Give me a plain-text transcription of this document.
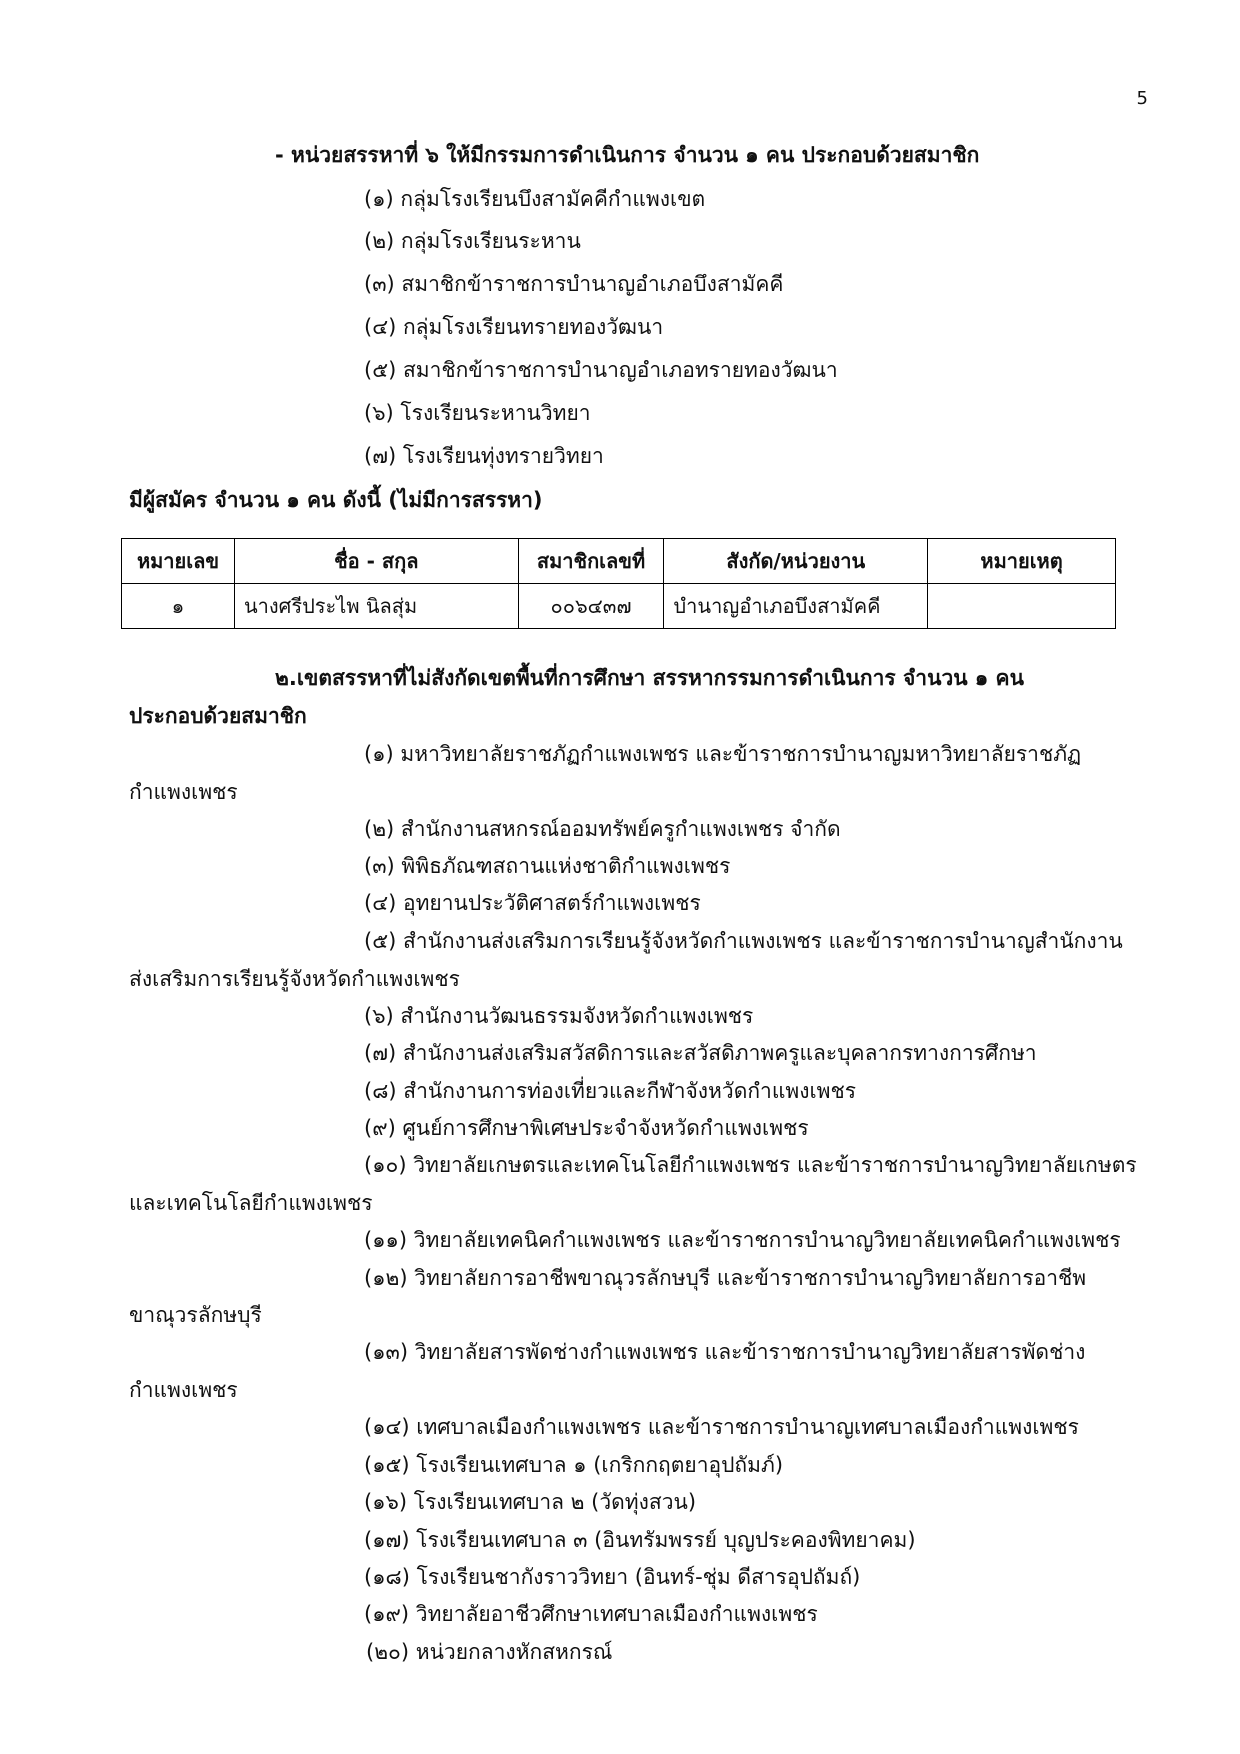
5
- หน่วยสรรหาที่ ๖ ให้มีกรรมการดำเนินการ จำนวน ๑ คน ประกอบด้วยสมาชิก
(๑) กลุ่มโรงเรียนบึงสามัคคีกำแพงเขต
(๒) กลุ่มโรงเรียนระหาน
(๓) สมาชิกข้าราชการบำนาญอำเภอบึงสามัคคี
(๔) กลุ่มโรงเรียนทรายทองวัฒนา
(๕) สมาชิกข้าราชการบำนาญอำเภอทรายทองวัฒนา
(๖) โรงเรียนระหานวิทยา
(๗) โรงเรียนทุ่งทรายวิทยา
มีผู้สมัคร จำนวน ๑ คน ดังนี้ (ไม่มีการสรรหา)
หมายเลข	ชื่อ - สกุล	สมาชิกเลขที่	สังกัด/หน่วยงาน	หมายเหตุ
๑	นางศรีประไพ นิลสุ่ม	๐๐๖๔๓๗	บำนาญอำเภอบึงสามัคคี	
๒.เขตสรรหาที่ไม่สังกัดเขตพื้นที่การศึกษา สรรหากรรมการดำเนินการ จำนวน ๑ คน
ประกอบด้วยสมาชิก
(๑) มหาวิทยาลัยราชภัฏกำแพงเพชร และข้าราชการบำนาญมหาวิทยาลัยราชภัฏ
กำแพงเพชร
(๒) สำนักงานสหกรณ์ออมทรัพย์ครูกำแพงเพชร จำกัด
(๓) พิพิธภัณฑสถานแห่งชาติกำแพงเพชร
(๔) อุทยานประวัติศาสตร์กำแพงเพชร
(๕) สำนักงานส่งเสริมการเรียนรู้จังหวัดกำแพงเพชร และข้าราชการบำนาญสำนักงาน
ส่งเสริมการเรียนรู้จังหวัดกำแพงเพชร
(๖) สำนักงานวัฒนธรรมจังหวัดกำแพงเพชร
(๗) สำนักงานส่งเสริมสวัสดิการและสวัสดิภาพครูและบุคลากรทางการศึกษา
(๘) สำนักงานการท่องเที่ยวและกีฬาจังหวัดกำแพงเพชร
(๙) ศูนย์การศึกษาพิเศษประจำจังหวัดกำแพงเพชร
(๑๐) วิทยาลัยเกษตรและเทคโนโลยีกำแพงเพชร และข้าราชการบำนาญวิทยาลัยเกษตร
และเทคโนโลยีกำแพงเพชร
(๑๑) วิทยาลัยเทคนิคกำแพงเพชร และข้าราชการบำนาญวิทยาลัยเทคนิคกำแพงเพชร
(๑๒) วิทยาลัยการอาชีพขาณุวรลักษบุรี และข้าราชการบำนาญวิทยาลัยการอาชีพ
ขาณุวรลักษบุรี
(๑๓) วิทยาลัยสารพัดช่างกำแพงเพชร และข้าราชการบำนาญวิทยาลัยสารพัดช่าง
กำแพงเพชร
(๑๔) เทศบาลเมืองกำแพงเพชร และข้าราชการบำนาญเทศบาลเมืองกำแพงเพชร
(๑๕) โรงเรียนเทศบาล ๑ (เกริกกฤตยาอุปถัมภ์)
(๑๖) โรงเรียนเทศบาล ๒ (วัดทุ่งสวน)
(๑๗) โรงเรียนเทศบาล ๓ (อินทรัมพรรย์ บุญประคองพิทยาคม)
(๑๘) โรงเรียนชากังราววิทยา (อินทร์-ชุ่ม ดีสารอุปถัมถ์)
(๑๙) วิทยาลัยอาชีวศึกษาเทศบาลเมืองกำแพงเพชร
(๒๐) หน่วยกลางหักสหกรณ์
